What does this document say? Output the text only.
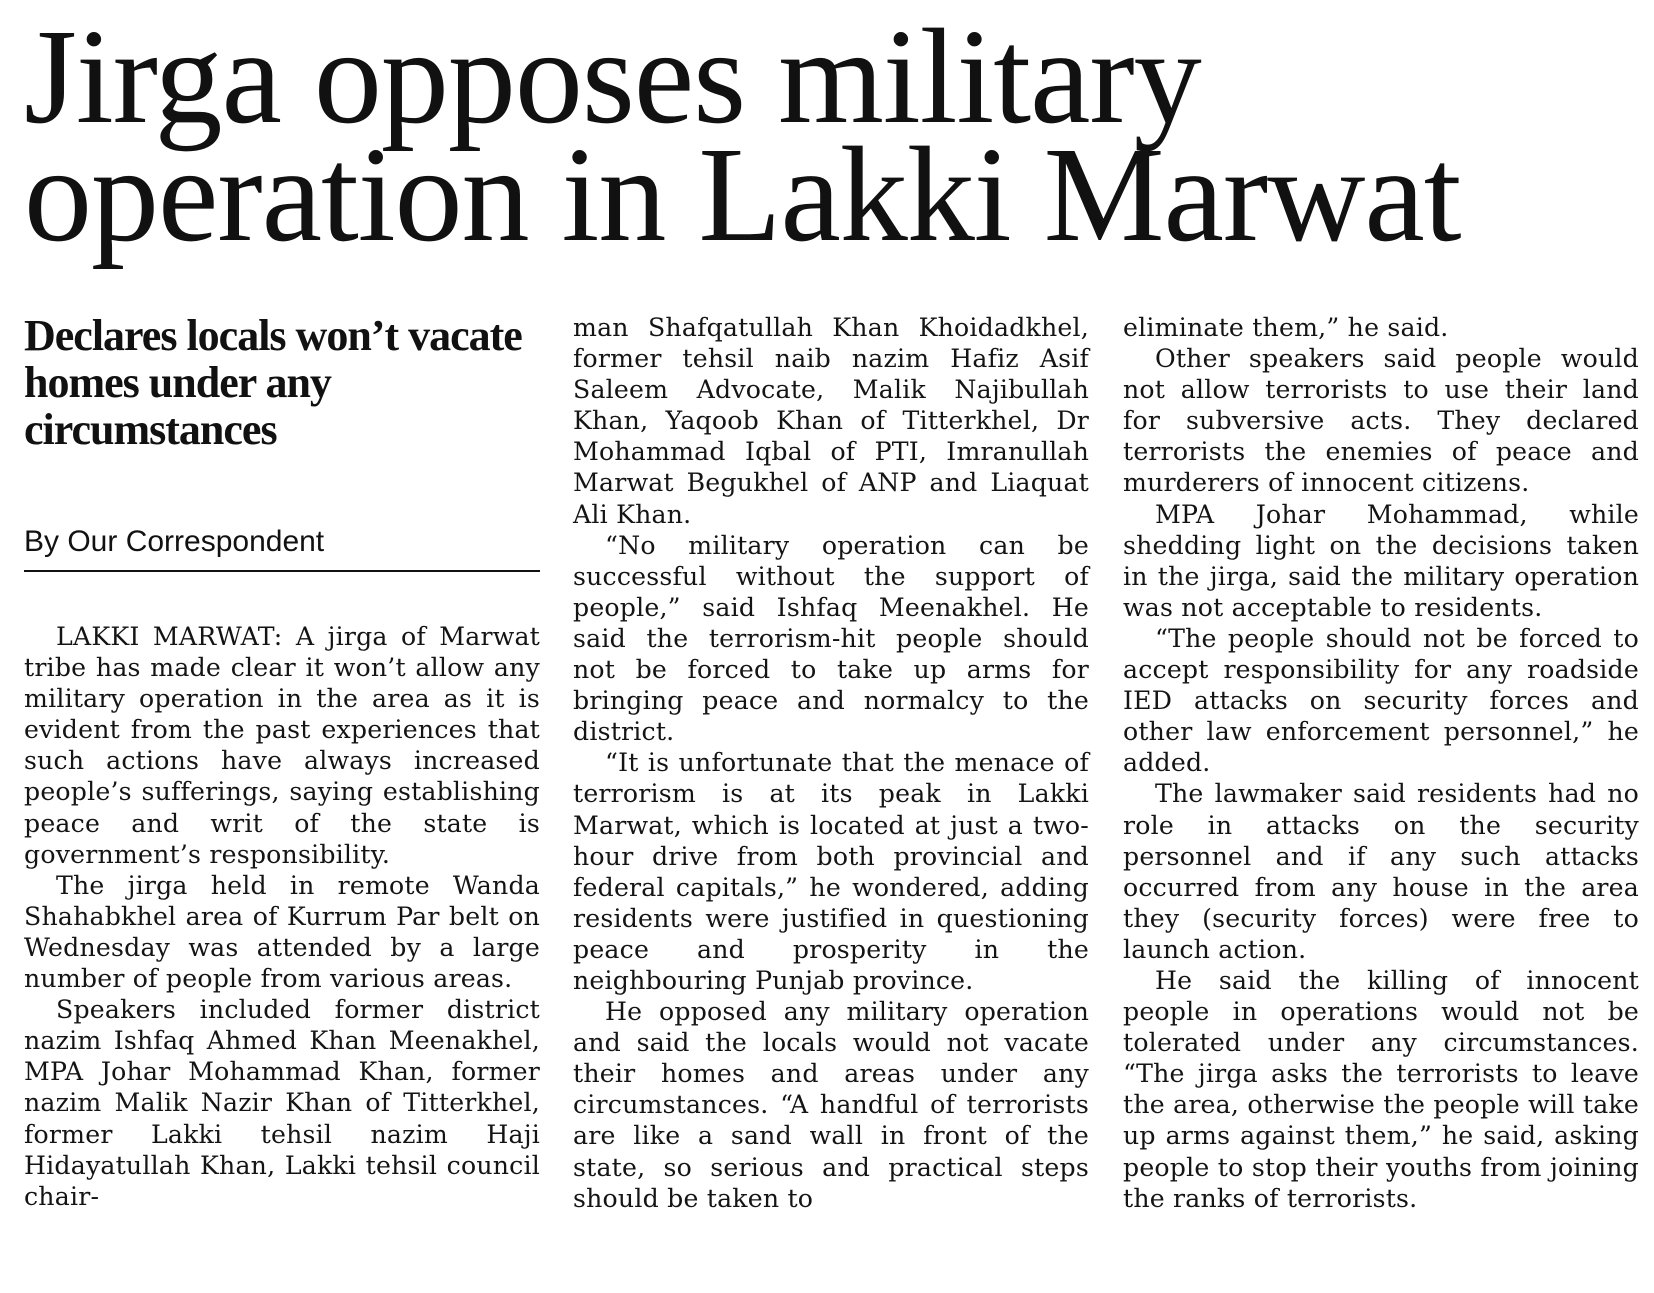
Jirga opposes military operation in Lakki Marwat
Declares locals won’t vacate homes under any circumstances
By Our Correspondent

LAKKI MARWAT: A jirga of Marwat tribe has made clear it won’t allow any military operation in the area as it is evident from the past experiences that such actions have always increased people’s sufferings, saying establishing peace and writ of the state is government’s responsibility.

The jirga held in remote Wanda Shahabkhel area of Kurrum Par belt on Wednesday was attended by a large number of people from various areas.

Speakers included former district nazim Ishfaq Ahmed Khan Meenakhel, MPA Johar Mohammad Khan, former nazim Malik Nazir Khan of Titterkhel, former Lakki tehsil nazim Haji Hidayatullah Khan, Lakki tehsil council chair-

man Shafqatullah Khan Khoidadkhel, former tehsil naib nazim Hafiz Asif Saleem Advocate, Malik Najibullah Khan, Yaqoob Khan of Titterkhel, Dr Mohammad Iqbal of PTI, Imranullah Marwat Begukhel of ANP and Liaquat Ali Khan.

“No military operation can be successful without the support of people,” said Ishfaq Meenakhel. He said the terrorism-hit people should not be forced to take up arms for bringing peace and normalcy to the district.

“It is unfortunate that the menace of terrorism is at its peak in Lakki Marwat, which is located at just a two-hour drive from both provincial and federal capitals,” he wondered, adding residents were justified in questioning peace and prosperity in the neighbouring Punjab province.

He opposed any military operation and said the locals would not vacate their homes and areas under any circumstances. “A handful of terrorists are like a sand wall in front of the state, so serious and practical steps should be taken to

eliminate them,” he said.

Other speakers said people would not allow terrorists to use their land for subversive acts. They declared terrorists the enemies of peace and murderers of innocent citizens.

MPA Johar Mohammad, while shedding light on the decisions taken in the jirga, said the military operation was not acceptable to residents.

“The people should not be forced to accept responsibility for any roadside IED attacks on security forces and other law enforcement personnel,” he added.

The lawmaker said residents had no role in attacks on the security personnel and if any such attacks occurred from any house in the area they (security forces) were free to launch action.

He said the killing of innocent people in operations would not be tolerated under any circumstances. “The jirga asks the terrorists to leave the area, otherwise the people will take up arms against them,” he said, asking people to stop their youths from joining the ranks of terrorists.
